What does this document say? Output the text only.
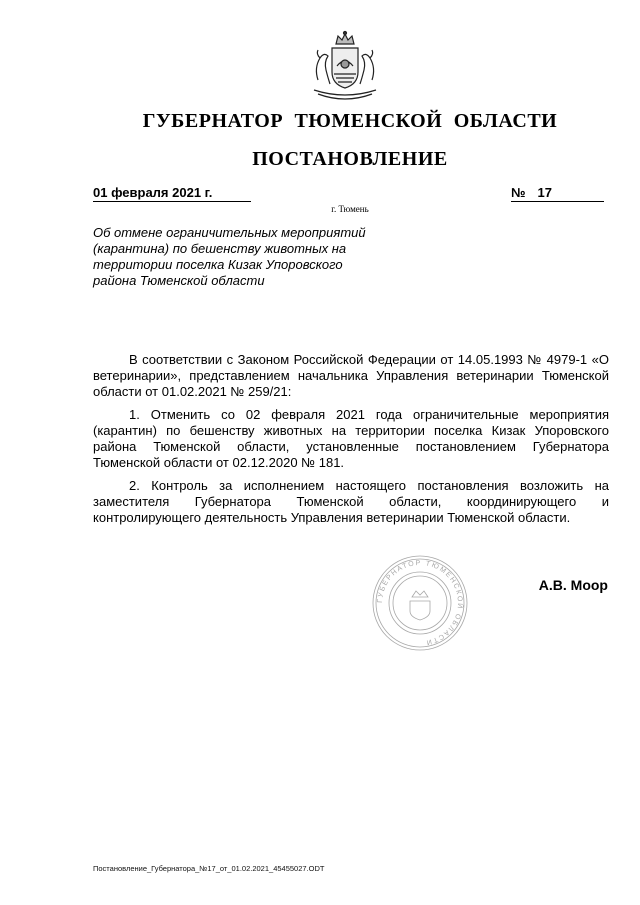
ГУБЕРНАТОР ТЮМЕНСКОЙ ОБЛАСТИ
ПОСТАНОВЛЕНИЕ
01 февраля 2021 г.	№ 17
г. Тюмень
Об отмене ограничительных мероприятий (карантина) по бешенству животных на территории поселка Кизак Упоровского района Тюменской области

В соответствии с Законом Российской Федерации от 14.05.1993 № 4979-1 «О ветеринарии», представлением начальника Управления ветеринарии Тюменской области от 01.02.2021 № 259/21:

1. Отменить со 02 февраля 2021 года ограничительные мероприятия (карантин) по бешенству животных на территории поселка Кизак Упоровского района Тюменской области, установленные постановлением Губернатора Тюменской области от 02.12.2020 № 181.

2. Контроль за исполнением настоящего постановления возложить на заместителя Губернатора Тюменской области, координирующего и контролирующего деятельность Управления ветеринарии Тюменской области.

ГУБЕРНАТОР ТЮМЕНСКОЙ ОБЛАСТИ
А.В. Моор
Постановление_Губернатора_№17_от_01.02.2021_45455027.ODT
